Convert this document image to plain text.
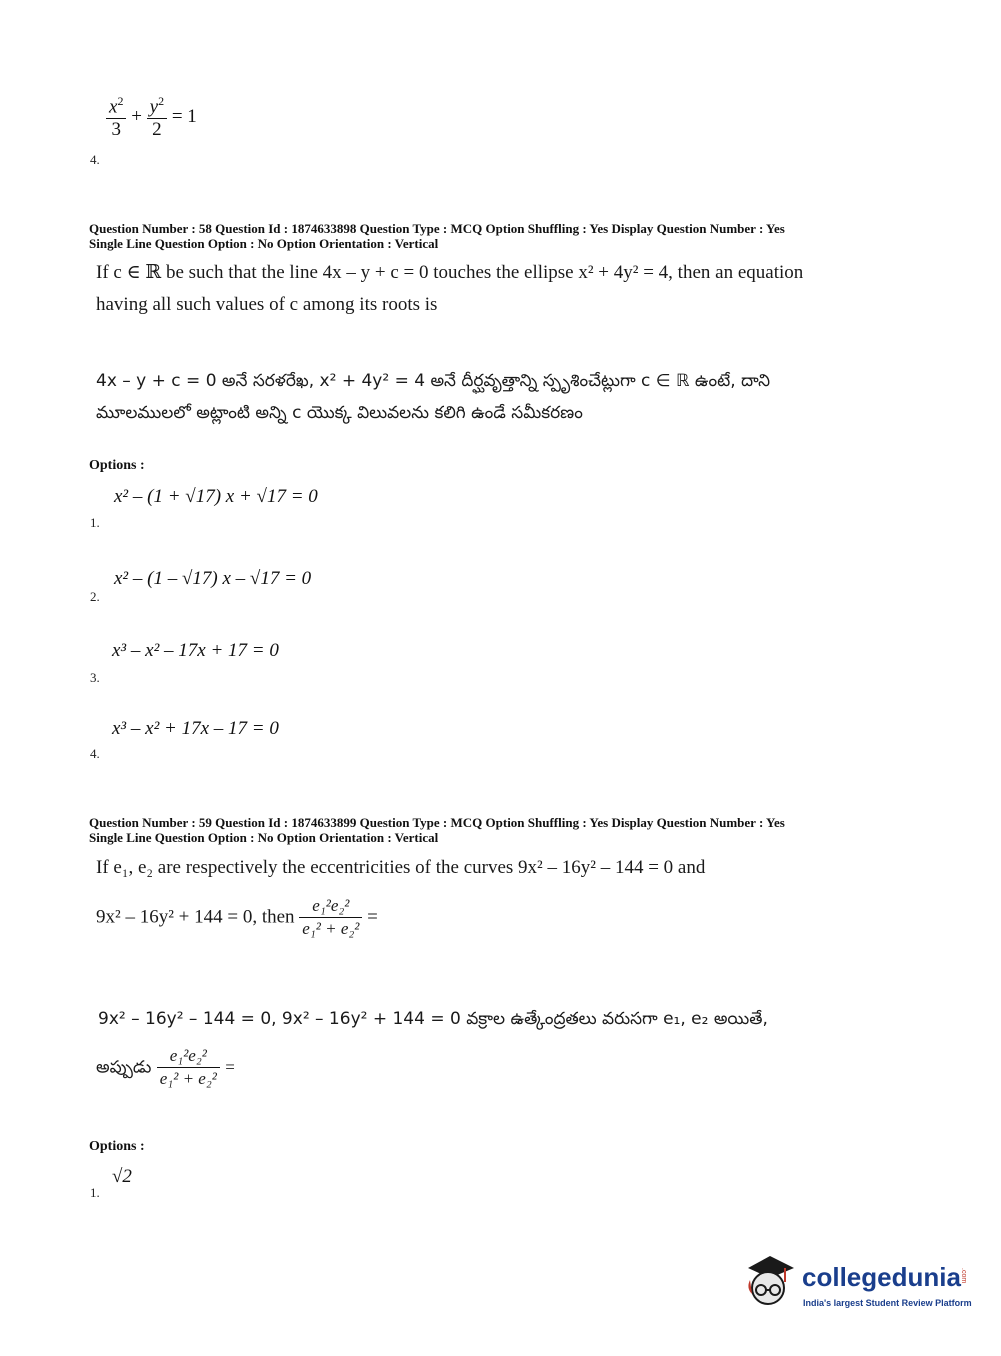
$\frac{x^2}{3} + \frac{y^2}{2} = 1$
4.
Question Number : 58 Question Id : 1874633898 Question Type : MCQ Option Shuffling : Yes Display Question Number : Yes
Single Line Question Option : No Option Orientation : Vertical
If c ∈ ℝ be such that the line 4x – y + c = 0 touches the ellipse x² + 4y² = 4, then an equation
having all such values of c among its roots is
4x – y + c = 0 అనే సరళరేఖ, x² + 4y² = 4 అనే దీర్ఘవృత్తాన్ని స్పృశించేట్లుగా c ∈ ℝ ఉంటే, దాని
మూలములలో అట్లాంటి అన్ని c యొక్క విలువలను కలిగి ఉండే సమీకరణం
Options :
x² – (1 + √17) x + √17 = 0
1.
x² – (1 – √17) x – √17 = 0
2.
x³ – x² – 17x + 17 = 0
3.
x³ – x² + 17x – 17 = 0
4.
Question Number : 59 Question Id : 1874633899 Question Type : MCQ Option Shuffling : Yes Display Question Number : Yes
Single Line Question Option : No Option Orientation : Vertical
If e₁, e₂ are respectively the eccentricities of the curves 9x² – 16y² – 144 = 0 and
9x² – 16y² + 144 = 0, then $\frac{\text{e₁²e₂²}}{\text{e₁² + e₂²}}$ =
9x² – 16y² – 144 = 0, 9x² – 16y² + 144 = 0 వక్రాల ఉత్కేంద్రతలు వరుసగా e₁, e₂ అయితే,
అప్పుడు $\frac{\text{e₁²e₂²}}{\text{e₁² + e₂²}}$ =
Options :
√2
1.
collegedunia .com
India's largest Student Review Platform
